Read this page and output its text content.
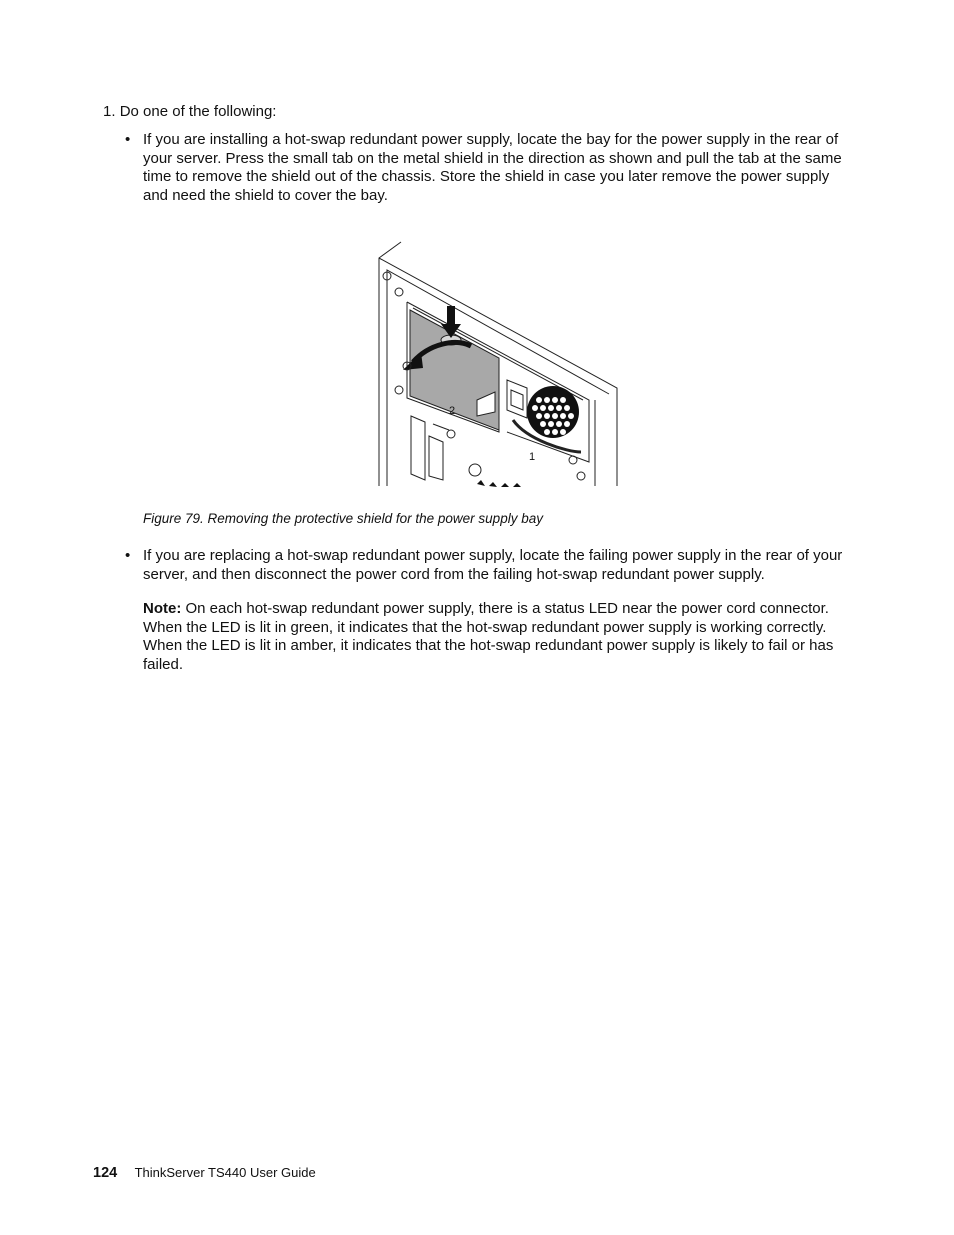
1. Do one of the following:
• If you are installing a hot-swap redundant power supply, locate the bay for the power supply in the rear of your server. Press the small tab on the metal shield in the direction as shown and pull the tab at the same time to remove the shield out of the chassis. Store the shield in case you later remove the power supply and need the shield to cover the bay.
2
1
Figure 79. Removing the protective shield for the power supply bay
• If you are replacing a hot-swap redundant power supply, locate the failing power supply in the rear of your server, and then disconnect the power cord from the failing hot-swap redundant power supply.
Note: On each hot-swap redundant power supply, there is a status LED near the power cord connector. When the LED is lit in green, it indicates that the hot-swap redundant power supply is working correctly. When the LED is lit in amber, it indicates that the hot-swap redundant power supply is likely to fail or has failed.
124 ThinkServer TS440 User Guide
